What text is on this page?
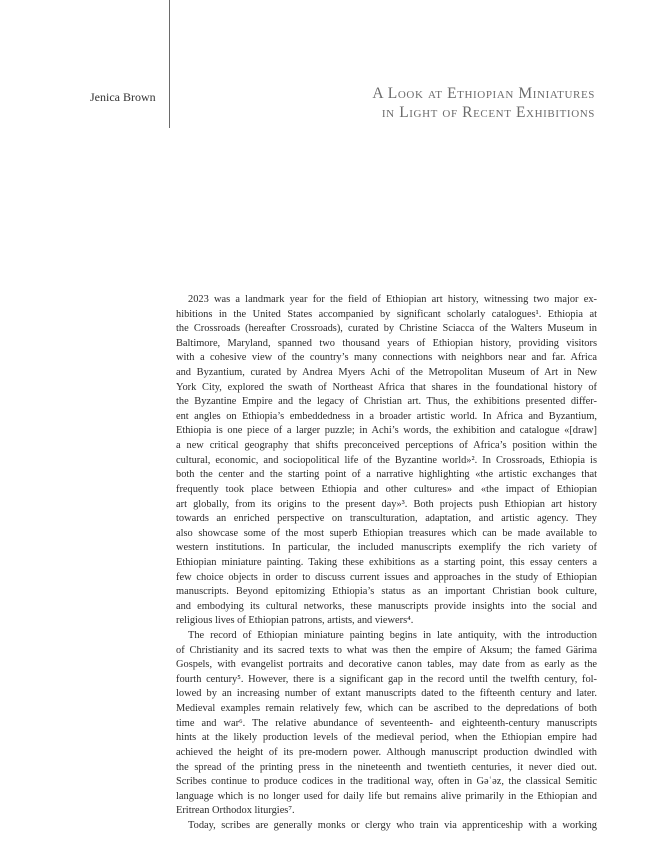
Jenica Brown	A Look at Ethiopian Miniatures
in Light of Recent Exhibitions
2023 was a landmark year for the field of Ethiopian art history, witnessing two major ex-
hibitions in the United States accompanied by significant scholarly catalogues¹. Ethiopia at
the Crossroads (hereafter Crossroads), curated by Christine Sciacca of the Walters Museum in
Baltimore, Maryland, spanned two thousand years of Ethiopian history, providing visitors
with a cohesive view of the country’s many connections with neighbors near and far. Africa
and Byzantium, curated by Andrea Myers Achi of the Metropolitan Museum of Art in New
York City, explored the swath of Northeast Africa that shares in the foundational history of
the Byzantine Empire and the legacy of Christian art. Thus, the exhibitions presented differ-
ent angles on Ethiopia’s embeddedness in a broader artistic world. In Africa and Byzantium,
Ethiopia is one piece of a larger puzzle; in Achi’s words, the exhibition and catalogue «[draw]
a new critical geography that shifts preconceived perceptions of Africa’s position within the
cultural, economic, and sociopolitical life of the Byzantine world»². In Crossroads, Ethiopia is
both the center and the starting point of a narrative highlighting «the artistic exchanges that
frequently took place between Ethiopia and other cultures» and «the impact of Ethiopian
art globally, from its origins to the present day»³. Both projects push Ethiopian art history
towards an enriched perspective on transculturation, adaptation, and artistic agency. They
also showcase some of the most superb Ethiopian treasures which can be made available to
western institutions. In particular, the included manuscripts exemplify the rich variety of
Ethiopian miniature painting. Taking these exhibitions as a starting point, this essay centers a
few choice objects in order to discuss current issues and approaches in the study of Ethiopian
manuscripts. Beyond epitomizing Ethiopia’s status as an important Christian book culture,
and embodying its cultural networks, these manuscripts provide insights into the social and
religious lives of Ethiopian patrons, artists, and viewers⁴.
The record of Ethiopian miniature painting begins in late antiquity, with the introduction
of Christianity and its sacred texts to what was then the empire of Aksum; the famed Gärima
Gospels, with evangelist portraits and decorative canon tables, may date from as early as the
fourth century⁵. However, there is a significant gap in the record until the twelfth century, fol-
lowed by an increasing number of extant manuscripts dated to the fifteenth century and later.
Medieval examples remain relatively few, which can be ascribed to the depredations of both
time and war⁶. The relative abundance of seventeenth- and eighteenth-century manuscripts
hints at the likely production levels of the medieval period, when the Ethiopian empire had
achieved the height of its pre-modern power. Although manuscript production dwindled with
the spread of the printing press in the nineteenth and twentieth centuries, it never died out.
Scribes continue to produce codices in the traditional way, often in Gəʿəz, the classical Semitic
language which is no longer used for daily life but remains alive primarily in the Ethiopian and
Eritrean Orthodox liturgies⁷.
Today, scribes are generally monks or clergy who train via apprenticeship with a working
